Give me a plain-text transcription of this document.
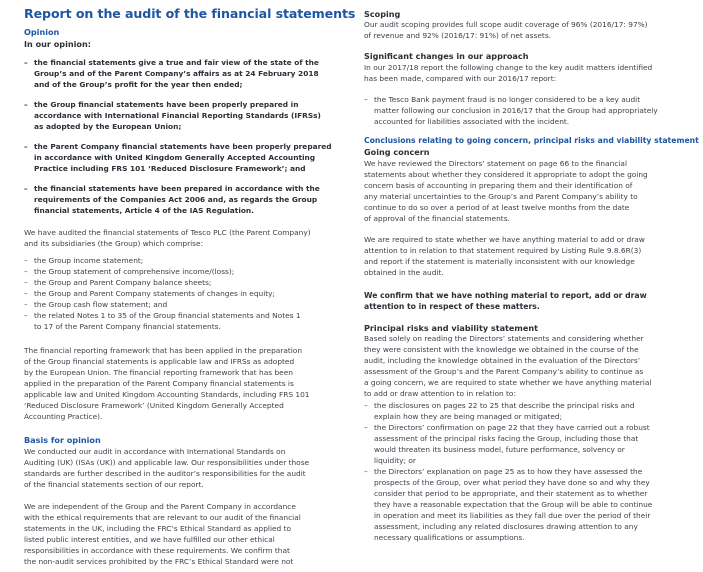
Report on the audit of the financial statements
Opinion
In our opinion:
– the financial statements give a true and fair view of the state of the
Group’s and of the Parent Company’s affairs as at 24 February 2018
and of the Group’s profit for the year then ended;
– the Group financial statements have been properly prepared in
accordance with International Financial Reporting Standards (IFRSs)
as adopted by the European Union;
– the Parent Company financial statements have been properly prepared
in accordance with United Kingdom Generally Accepted Accounting
Practice including FRS 101 ‘Reduced Disclosure Framework’; and
– the financial statements have been prepared in accordance with the
requirements of the Companies Act 2006 and, as regards the Group
financial statements, Article 4 of the IAS Regulation.
We have audited the financial statements of Tesco PLC (the Parent Company)
and its subsidiaries (the Group) which comprise:
– the Group income statement;
– the Group statement of comprehensive income/(loss);
– the Group and Parent Company balance sheets;
– the Group and Parent Company statements of changes in equity;
– the Group cash flow statement; and
– the related Notes 1 to 35 of the Group financial statements and Notes 1
to 17 of the Parent Company financial statements.
The financial reporting framework that has been applied in the preparation
of the Group financial statements is applicable law and IFRSs as adopted
by the European Union. The financial reporting framework that has been
applied in the preparation of the Parent Company financial statements is
applicable law and United Kingdom Accounting Standards, including FRS 101
‘Reduced Disclosure Framework’ (United Kingdom Generally Accepted
Accounting Practice).
Basis for opinion
We conducted our audit in accordance with International Standards on
Auditing (UK) (ISAs (UK)) and applicable law. Our responsibilities under those
standards are further described in the auditor’s responsibilities for the audit
of the financial statements section of our report.
We are independent of the Group and the Parent Company in accordance
with the ethical requirements that are relevant to our audit of the financial
statements in the UK, including the FRC’s Ethical Standard as applied to
listed public interest entities, and we have fulfilled our other ethical
responsibilities in accordance with these requirements. We confirm that
the non-audit services prohibited by the FRC’s Ethical Standard were not
Scoping
Our audit scoping provides full scope audit coverage of 96% (2016/17: 97%)
of revenue and 92% (2016/17: 91%) of net assets.
Significant changes in our approach
In our 2017/18 report the following change to the key audit matters identified
has been made, compared with our 2016/17 report:
– the Tesco Bank payment fraud is no longer considered to be a key audit
matter following our conclusion in 2016/17 that the Group had appropriately
accounted for liabilities associated with the incident.
Conclusions relating to going concern, principal risks and viability statement
Going concern
We have reviewed the Directors’ statement on page 66 to the financial
statements about whether they considered it appropriate to adopt the going
concern basis of accounting in preparing them and their identification of
any material uncertainties to the Group’s and Parent Company’s ability to
continue to do so over a period of at least twelve months from the date
of approval of the financial statements.
We are required to state whether we have anything material to add or draw
attention to in relation to that statement required by Listing Rule 9.8.6R(3)
and report if the statement is materially inconsistent with our knowledge
obtained in the audit.
We confirm that we have nothing material to report, add or draw
attention to in respect of these matters.
Principal risks and viability statement
Based solely on reading the Directors’ statements and considering whether
they were consistent with the knowledge we obtained in the course of the
audit, including the knowledge obtained in the evaluation of the Directors’
assessment of the Group’s and the Parent Company’s ability to continue as
a going concern, we are required to state whether we have anything material
to add or draw attention to in relation to:
– the disclosures on pages 22 to 25 that describe the principal risks and
explain how they are being managed or mitigated;
– the Directors’ confirmation on page 22 that they have carried out a robust
assessment of the principal risks facing the Group, including those that
would threaten its business model, future performance, solvency or
liquidity; or
– the Directors’ explanation on page 25 as to how they have assessed the
prospects of the Group, over what period they have done so and why they
consider that period to be appropriate, and their statement as to whether
they have a reasonable expectation that the Group will be able to continue
in operation and meet its liabilities as they fall due over the period of their
assessment, including any related disclosures drawing attention to any
necessary qualifications or assumptions.
